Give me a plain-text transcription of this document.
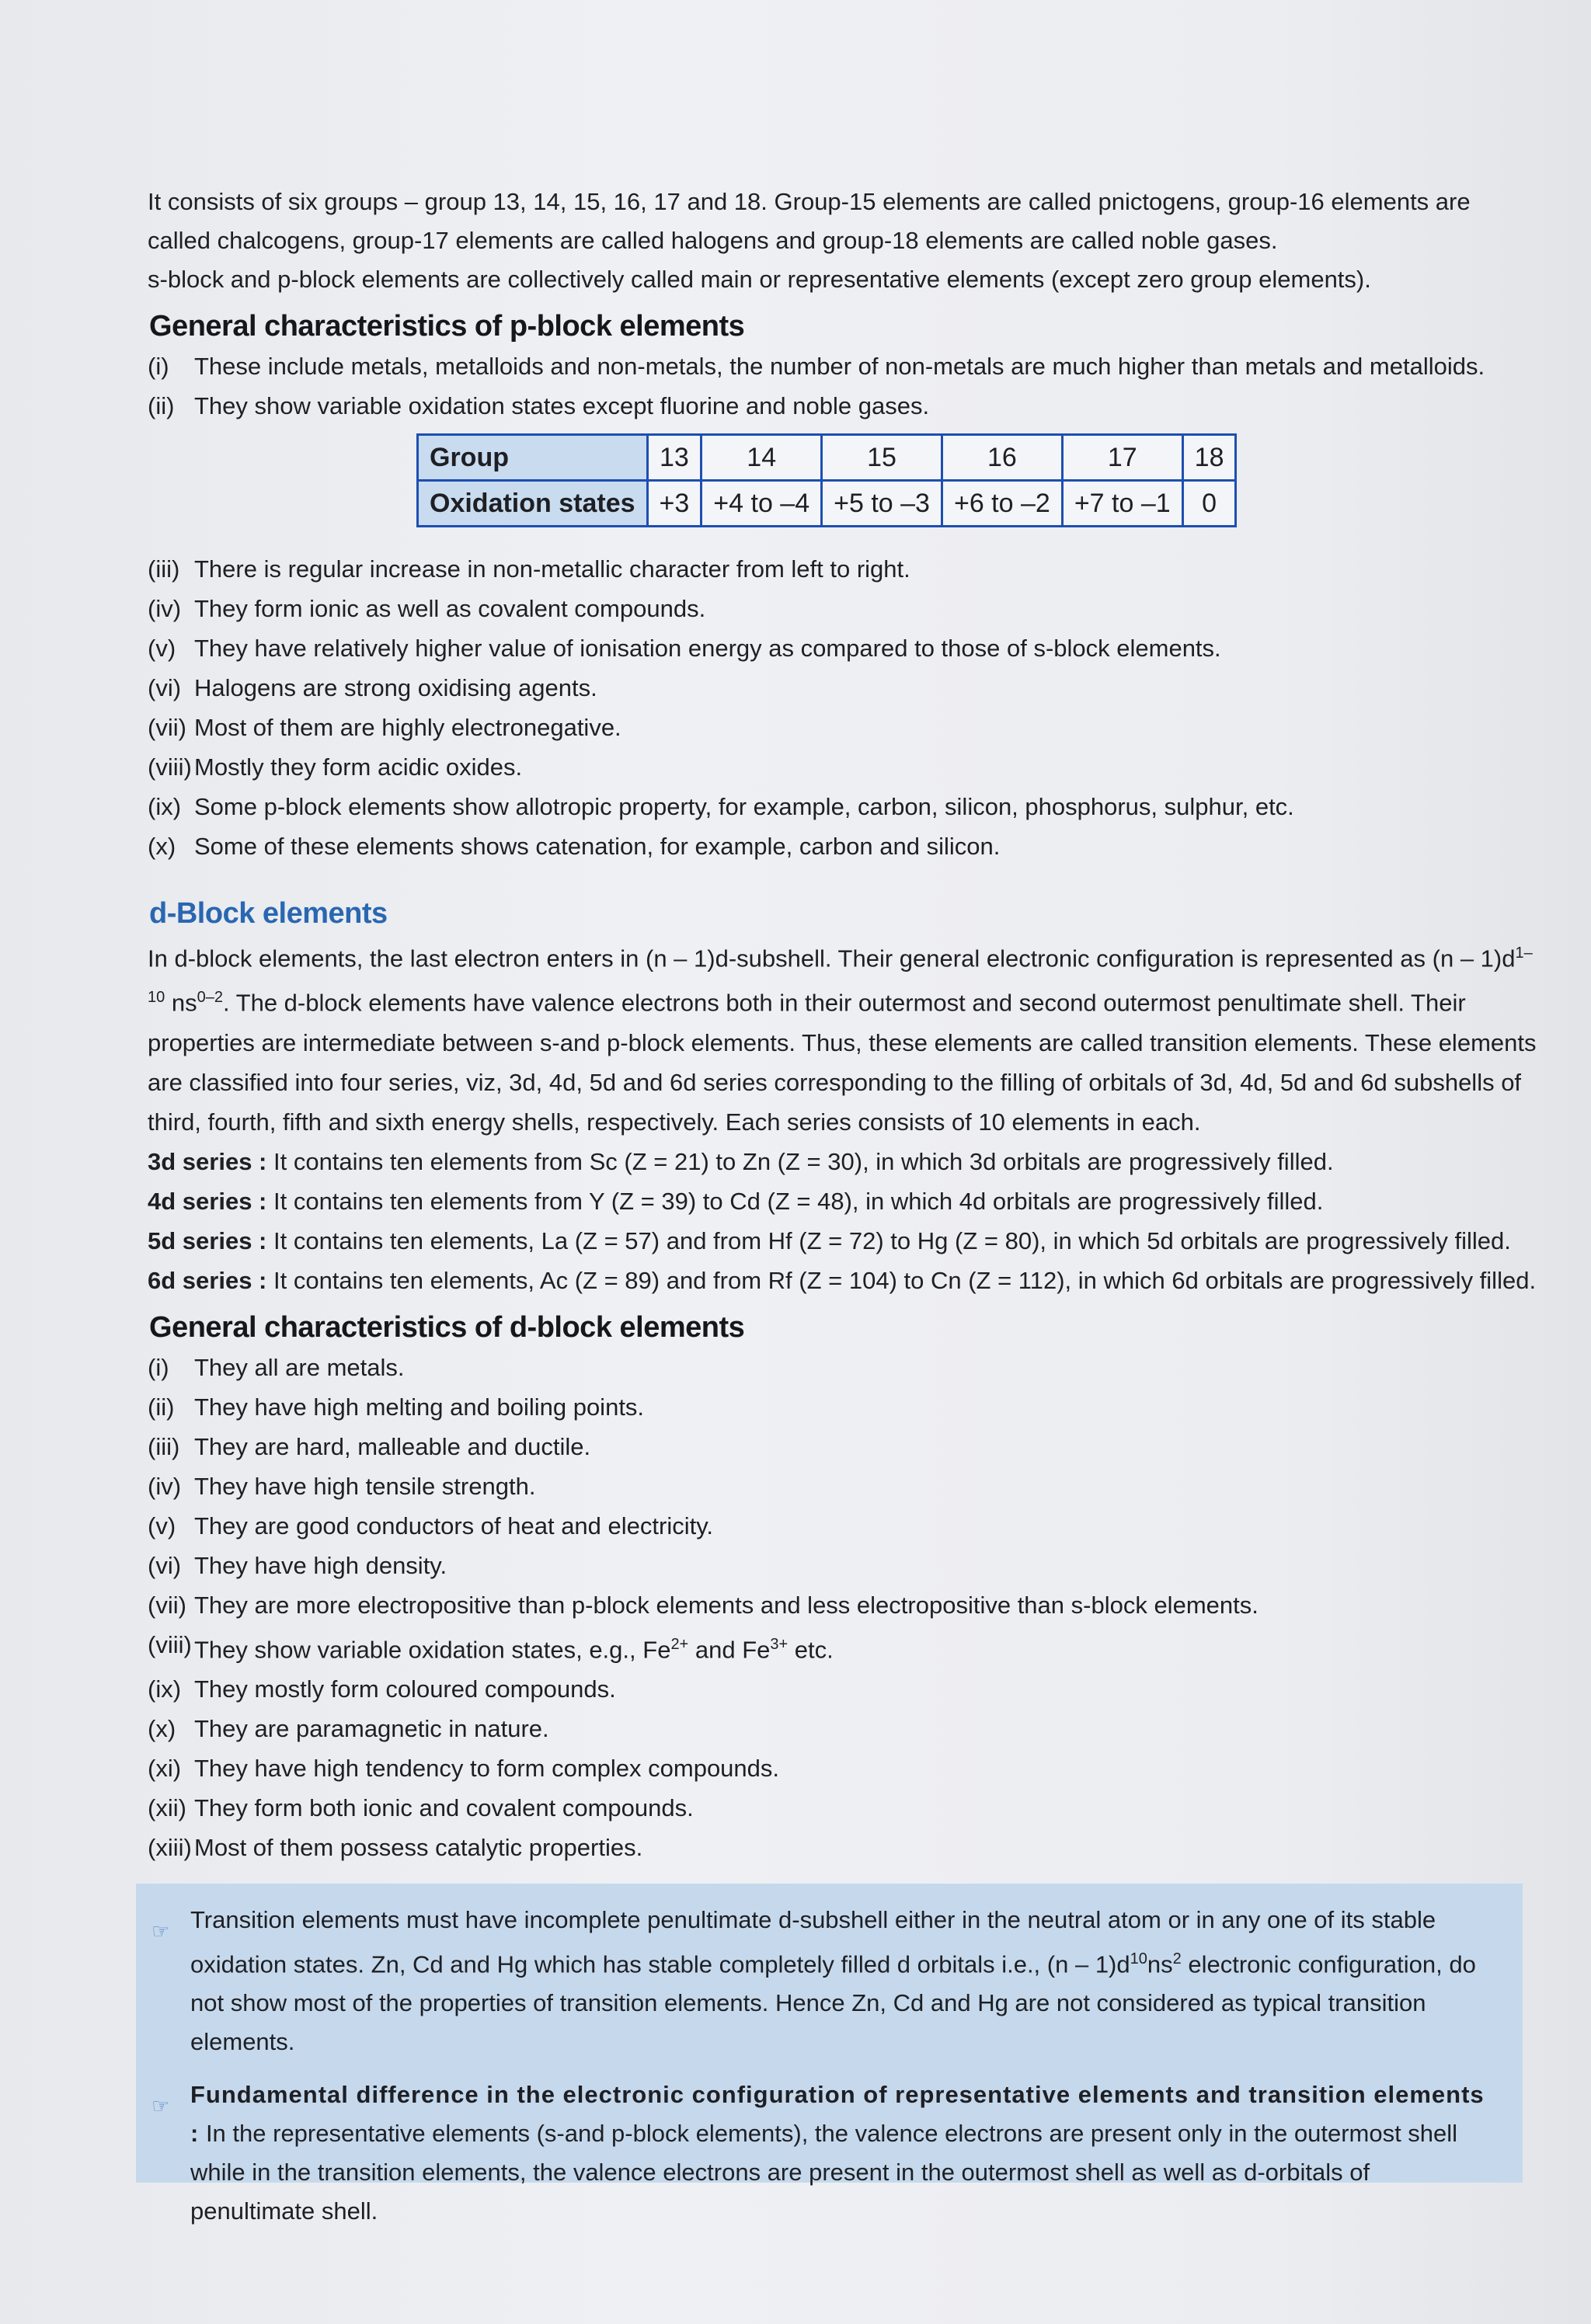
It consists of six groups – group 13, 14, 15, 16, 17 and 18. Group-15 elements are called pnictogens, group-16 elements are called chalcogens, group-17 elements are called halogens and group-18 elements are called noble gases.

s-block and p-block elements are collectively called main or representative elements (except zero group elements).

General characteristics of p-block elements
(i)	These include metals, metalloids and non-metals, the number of non-metals are much higher than metals and metalloids.
(ii) They show variable oxidation states except fluorine and noble gases.
Group	13	14	15	16	17	18
Oxidation states	+3	+4 to –4	+5 to –3	+6 to –2	+7 to –1	0
(iii) There is regular increase in non-metallic character from left to right.
(iv) They form ionic as well as covalent compounds.
(v) They have relatively higher value of ionisation energy as compared to those of s-block elements.
(vi) Halogens are strong oxidising agents.
(vii) Most of them are highly electronegative.
(viii) Mostly they form acidic oxides.
(ix) Some p-block elements show allotropic property, for example, carbon, silicon, phosphorus, sulphur, etc.
(x) Some of these elements shows catenation, for example, carbon and silicon.
d-Block elements

In d-block elements, the last electron enters in (n – 1)d-subshell. Their general electronic configuration is represented as $(n - 1)d^{1-10}$ $ns^{0-2}$. The d-block elements have valence electrons both in their outermost and second outermost penultimate shell. Their properties are intermediate between s-and p-block elements. Thus, these elements are called transition elements. These elements are classified into four series, viz, 3d, 4d, 5d and 6d series corresponding to the filling of orbitals of 3d, 4d, 5d and 6d subshells of third, fourth, fifth and sixth energy shells, respectively. Each series consists of 10 elements in each.

3d series : It contains ten elements from Sc (Z = 21) to Zn (Z = 30), in which 3d orbitals are progressively filled.

4d series : It contains ten elements from Y (Z = 39) to Cd (Z = 48), in which 4d orbitals are progressively filled.

5d series : It contains ten elements, La (Z = 57) and from Hf (Z = 72) to Hg (Z = 80), in which 5d orbitals are progressively filled.

6d series : It contains ten elements, Ac (Z = 89) and from Rf (Z = 104) to Cn (Z = 112), in which 6d orbitals are progressively filled.

General characteristics of d-block elements
(i)	They all are metals.
(ii) They have high melting and boiling points.
(iii) They are hard, malleable and ductile.
(iv) They have high tensile strength.
(v) They are good conductors of heat and electricity.
(vi) They have high density.
(vii) They are more electropositive than p-block elements and less electropositive than s-block elements.
(viii) They show variable oxidation states, e.g., $Fe^{2+}$ and $Fe^{3+}$ etc.
(ix) They mostly form coloured compounds.
(x) They are paramagnetic in nature.
(xi) They have high tendency to form complex compounds.
(xii) They form both ionic and covalent compounds.
(xiii) Most of them possess catalytic properties.
☞ Transition elements must have incomplete penultimate d-subshell either in the neutral atom or in any one of its stable oxidation states. Zn, Cd and Hg which has stable completely filled d orbitals i.e., $(n - 1)d^{10}ns^2$ electronic configuration, do not show most of the properties of transition elements. Hence Zn, Cd and Hg are not considered as typical transition elements.
☞ Fundamental difference in the electronic configuration of representative elements and transition elements : In the representative elements (s-and p-block elements), the valence electrons are present only in the outermost shell while in the transition elements, the valence electrons are present in the outermost shell as well as d-orbitals of penultimate shell.
